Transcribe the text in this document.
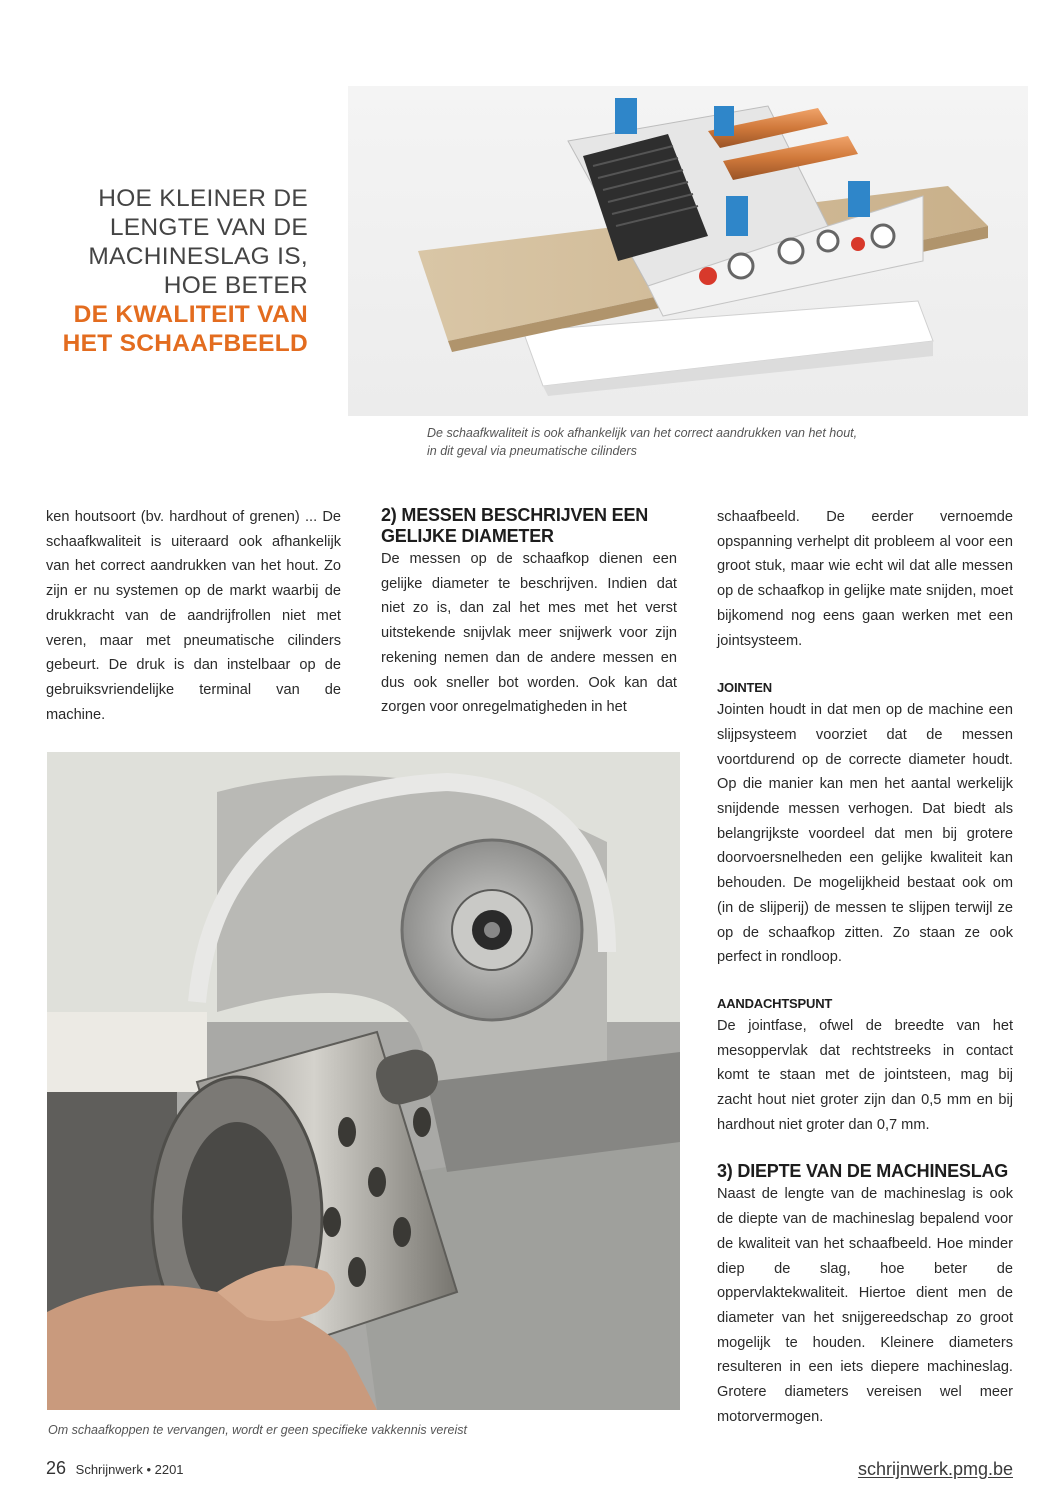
HOE KLEINER DE LENGTE VAN DE MACHINESLAG IS, HOE BETER
DE KWALITEIT VAN HET SCHAAFBEELD
De schaafkwaliteit is ook afhankelijk van het correct aandrukken van het hout, in dit geval via pneumatische cilinders

ken houtsoort (bv. hardhout of grenen) ... De schaafkwaliteit is uiteraard ook afhankelijk van het correct aandrukken van het hout. Zo zijn er nu systemen op de markt waarbij de drukkracht van de aandrijfrollen niet met veren, maar met pneumatische cilinders gebeurt. De druk is dan instelbaar op de gebruiksvriendelijke terminal van de machine.

2) MESSEN BESCHRIJVEN EEN GELIJKE DIAMETER

De messen op de schaafkop dienen een gelijke diameter te beschrijven. Indien dat niet zo is, dan zal het mes met het verst uitstekende snijvlak meer snijwerk voor zijn rekening nemen dan de andere messen en dus ook sneller bot worden. Ook kan dat zorgen voor onregelmatigheden in het

schaafbeeld. De eerder vernoemde opspanning verhelpt dit probleem al voor een groot stuk, maar wie echt wil dat alle messen op de schaafkop in gelijke mate snijden, moet bijkomend nog eens gaan werken met een jointsysteem.

JOINTEN

Jointen houdt in dat men op de machine een slijpsysteem voorziet dat de messen voortdurend op de correcte diameter houdt. Op die manier kan men het aantal werkelijk snijdende messen verhogen. Dat biedt als belangrijkste voordeel dat men bij grotere doorvoersnelheden een gelijke kwaliteit kan behouden. De mogelijkheid bestaat ook om (in de slijperij) de messen te slijpen terwijl ze op de schaafkop zitten. Zo staan ze ook perfect in rondloop.

AANDACHTSPUNT

De jointfase, ofwel de breedte van het mesoppervlak dat rechtstreeks in contact komt te staan met de jointsteen, mag bij zacht hout niet groter zijn dan 0,5 mm en bij hardhout niet groter dan 0,7 mm.

3) DIEPTE VAN DE MACHINESLAG

Naast de lengte van de machineslag is ook de diepte van de machineslag bepalend voor de kwaliteit van het schaafbeeld. Hoe minder diep de slag, hoe beter de oppervlaktekwaliteit. Hiertoe dient men de diameter van het snijgereedschap zo groot mogelijk te houden. Kleinere diameters resulteren in een iets diepere machineslag. Grotere diameters vereisen wel meer motorvermogen.

Om schaafkoppen te vervangen, wordt er geen specifieke vakkennis vereist
26 Schrijnwerk • 2201	schrijnwerk.pmg.be
